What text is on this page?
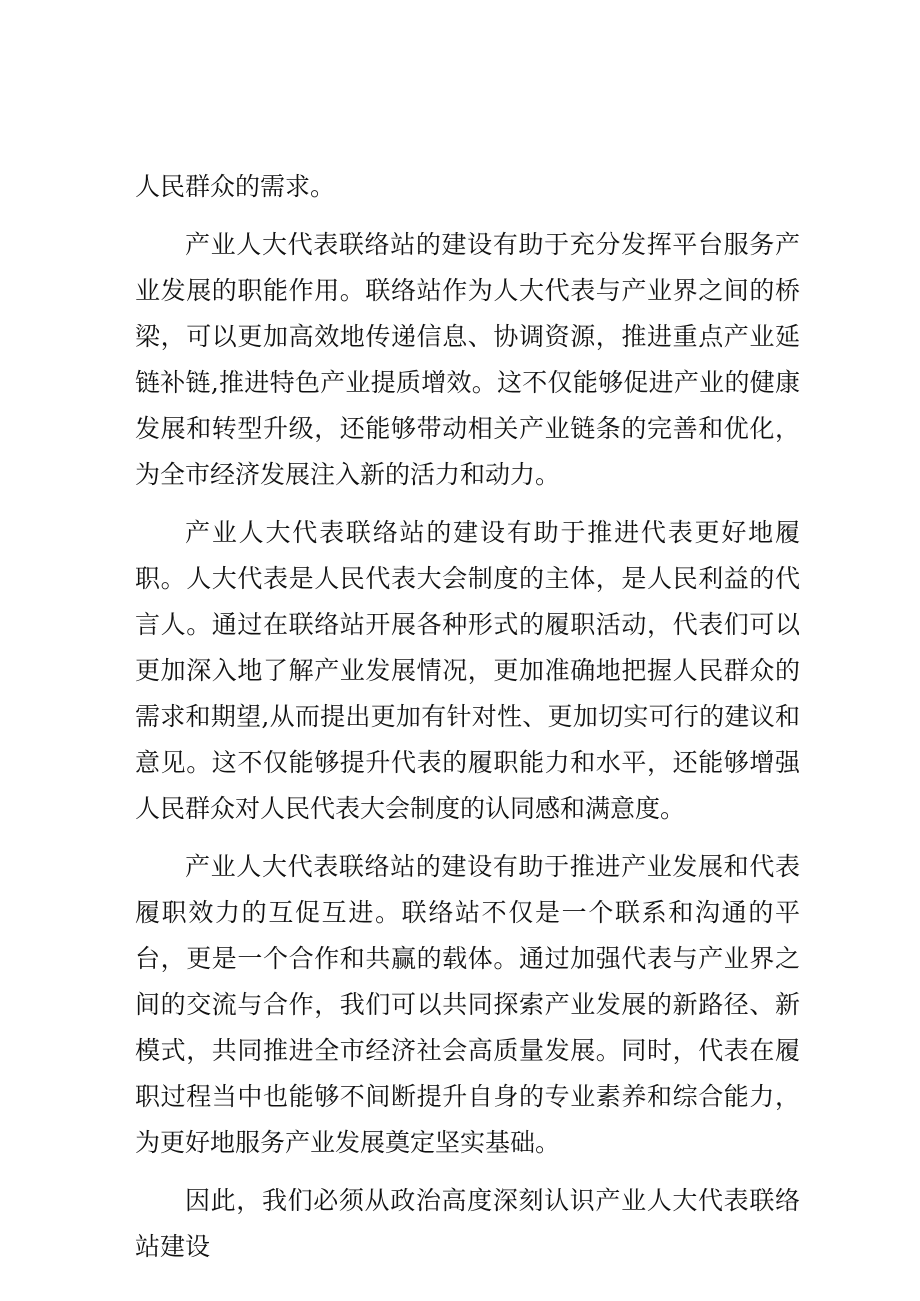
人民群众的需求。

产业人大代表联络站的建设有助于充分发挥平台服务产业发展的职能作用。联络站作为人大代表与产业界之间的桥梁，可以更加高效地传递信息、协调资源，推进重点产业延链补链,推进特色产业提质增效。这不仅能够促进产业的健康发展和转型升级，还能够带动相关产业链条的完善和优化，为全市经济发展注入新的活力和动力。

产业人大代表联络站的建设有助于推进代表更好地履职。人大代表是人民代表大会制度的主体，是人民利益的代言人。通过在联络站开展各种形式的履职活动，代表们可以更加深入地了解产业发展情况，更加准确地把握人民群众的需求和期望,从而提出更加有针对性、更加切实可行的建议和意见。这不仅能够提升代表的履职能力和水平，还能够增强人民群众对人民代表大会制度的认同感和满意度。

产业人大代表联络站的建设有助于推进产业发展和代表履职效力的互促互进。联络站不仅是一个联系和沟通的平台，更是一个合作和共赢的载体。通过加强代表与产业界之间的交流与合作，我们可以共同探索产业发展的新路径、新模式，共同推进全市经济社会高质量发展。同时，代表在履职过程当中也能够不间断提升自身的专业素养和综合能力，为更好地服务产业发展奠定坚实基础。

因此，我们必须从政治高度深刻认识产业人大代表联络站建设
